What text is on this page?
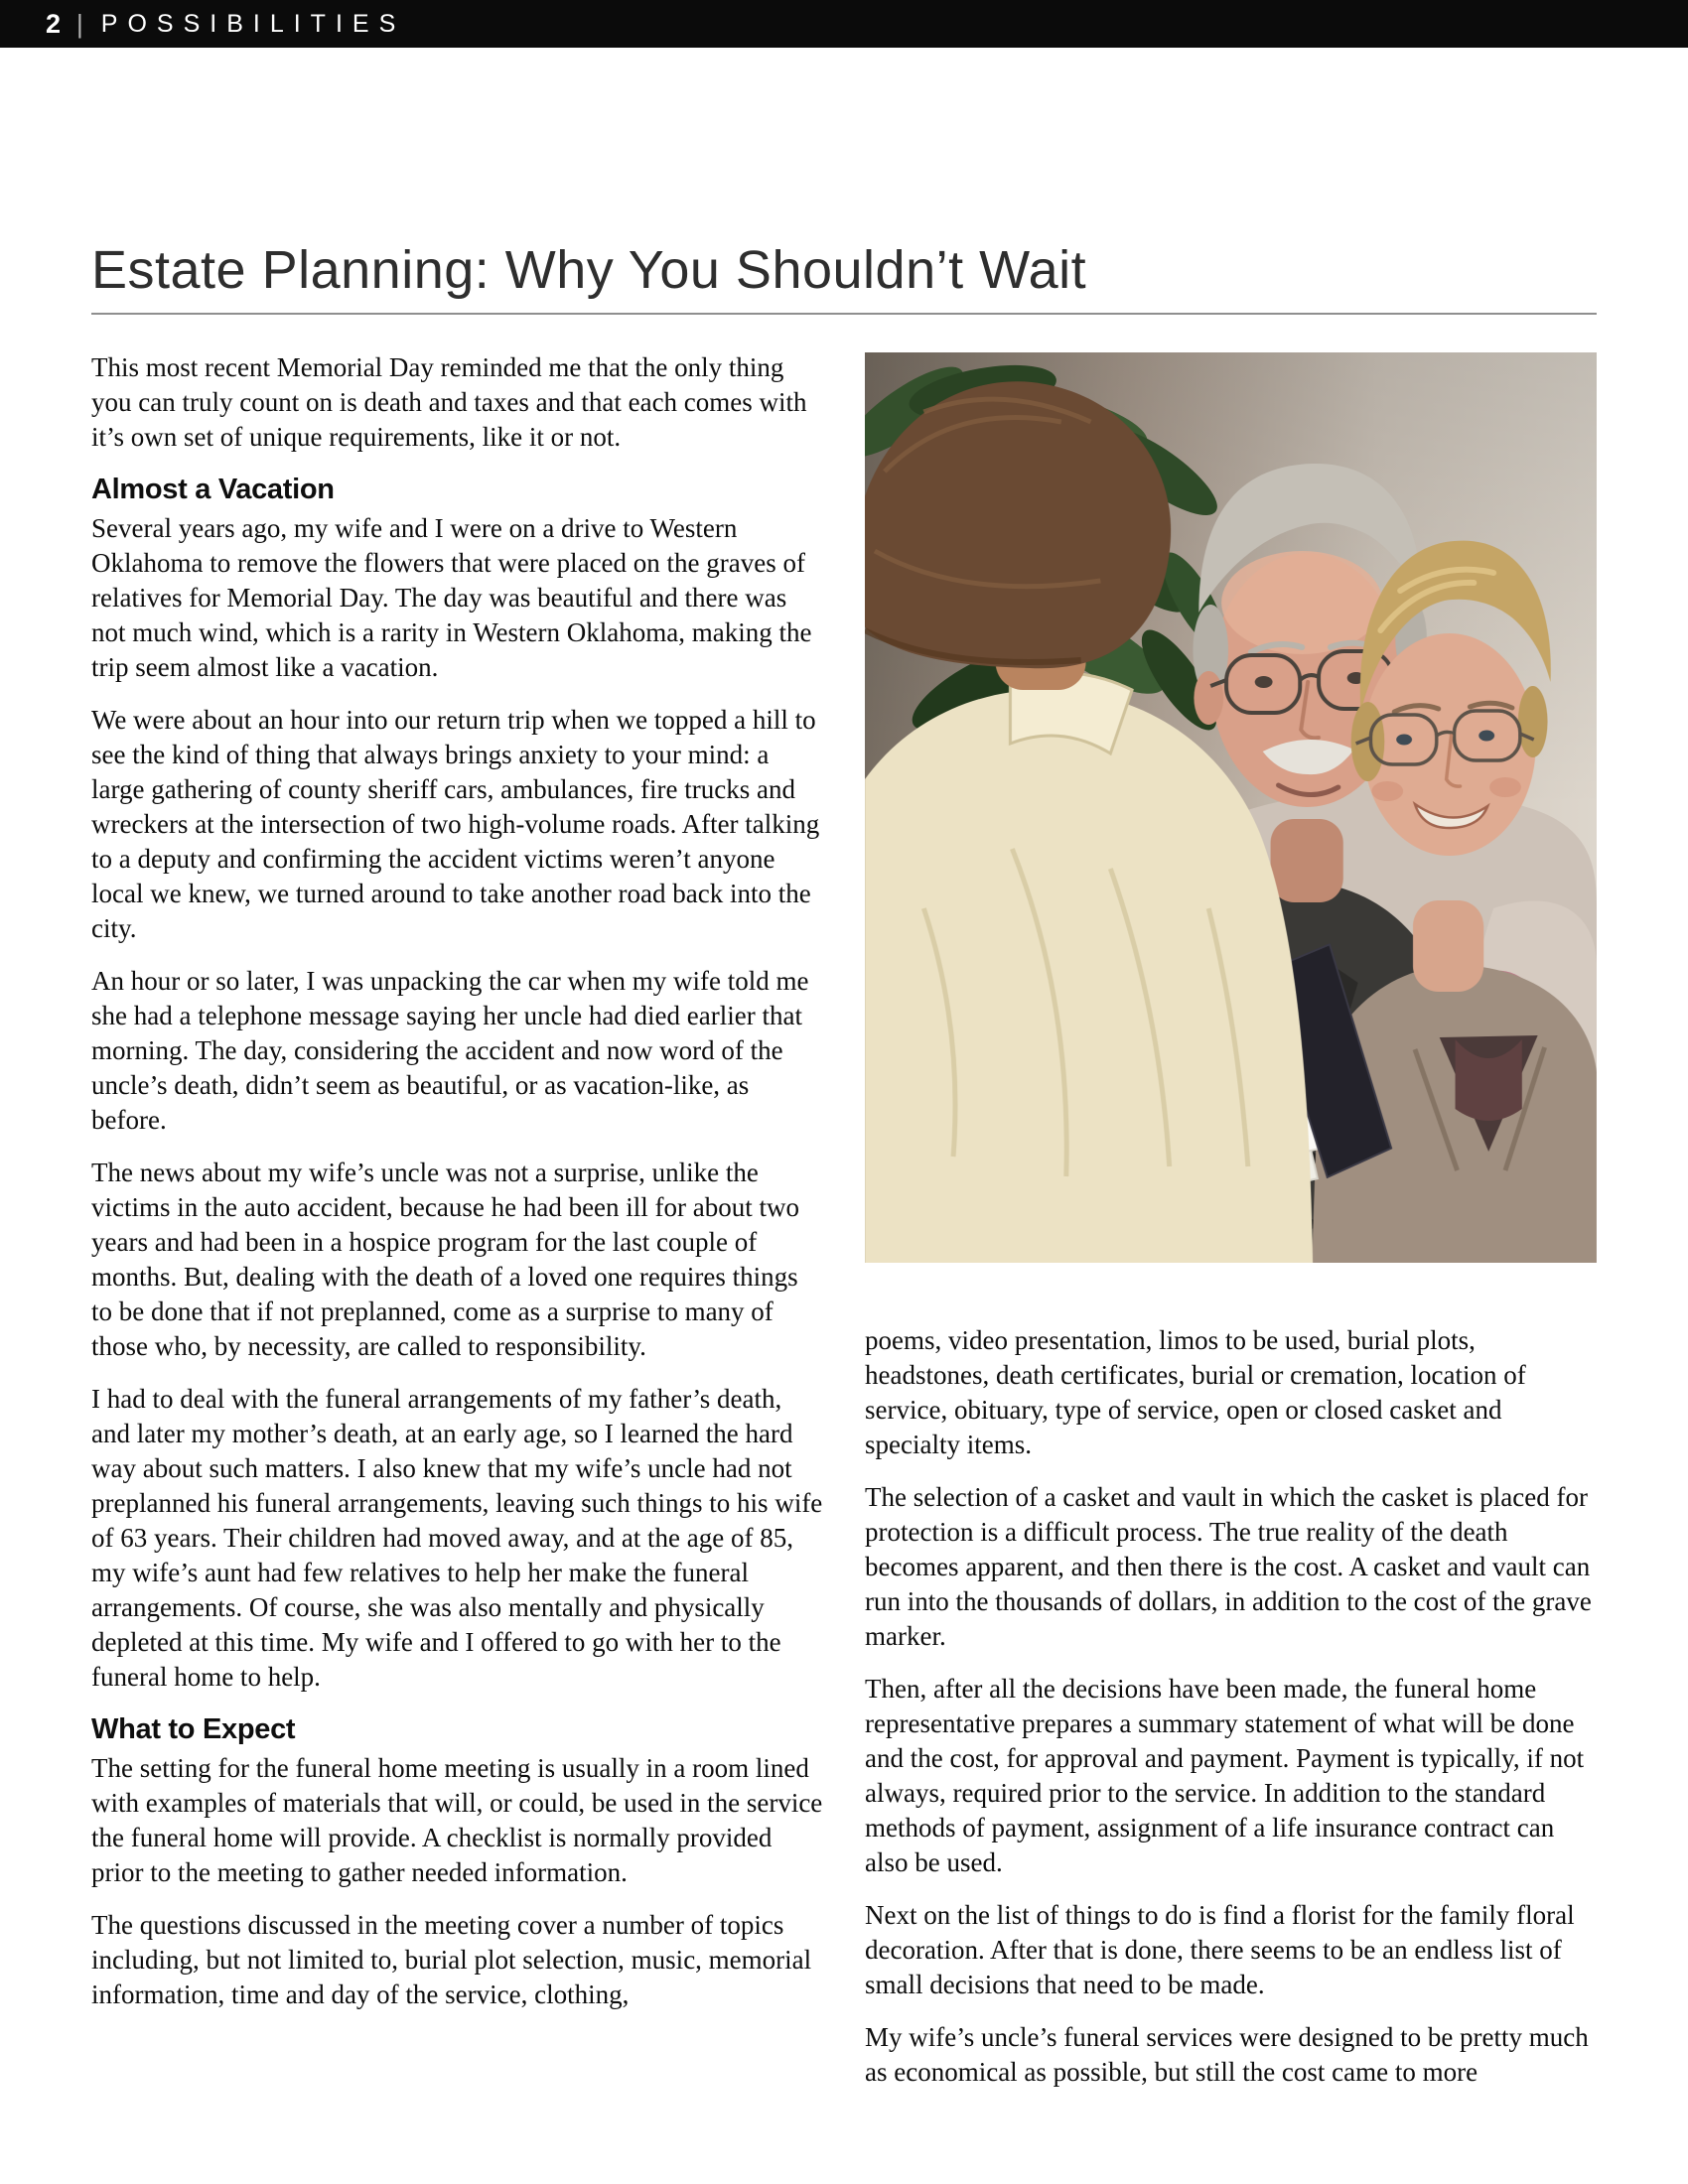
2 | POSSIBILITIES
Estate Planning: Why You Shouldn’t Wait

This most recent Memorial Day reminded me that the only thing you can truly count on is death and taxes and that each comes with it’s own set of unique requirements, like it or not.

Almost a Vacation

Several years ago, my wife and I were on a drive to Western Oklahoma to remove the flowers that were placed on the graves of relatives for Memorial Day. The day was beautiful and there was not much wind, which is a rarity in Western Oklahoma, making the trip seem almost like a vacation.

We were about an hour into our return trip when we topped a hill to see the kind of thing that always brings anxiety to your mind: a large gathering of county sheriff cars, ambulances, fire trucks and wreckers at the intersection of two high-volume roads. After talking to a deputy and confirming the accident victims weren’t anyone local we knew, we turned around to take another road back into the city.

An hour or so later, I was unpacking the car when my wife told me she had a telephone message saying her uncle had died earlier that morning. The day, considering the accident and now word of the uncle’s death, didn’t seem as beautiful, or as vacation-like, as before.

The news about my wife’s uncle was not a surprise, unlike the victims in the auto accident, because he had been ill for about two years and had been in a hospice program for the last couple of months. But, dealing with the death of a loved one requires things to be done that if not preplanned, come as a surprise to many of those who, by necessity, are called to responsibility.

I had to deal with the funeral arrangements of my father’s death, and later my mother’s death, at an early age, so I learned the hard way about such matters. I also knew that my wife’s uncle had not preplanned his funeral arrangements, leaving such things to his wife of 63 years. Their children had moved away, and at the age of 85, my wife’s aunt had few relatives to help her make the funeral arrangements. Of course, she was also mentally and physically depleted at this time. My wife and I offered to go with her to the funeral home to help.

What to Expect

The setting for the funeral home meeting is usually in a room lined with examples of materials that will, or could, be used in the service the funeral home will provide. A checklist is normally provided prior to the meeting to gather needed information.

The questions discussed in the meeting cover a number of topics including, but not limited to, burial plot selection, music, memorial information, time and day of the service, clothing,

poems, video presentation, limos to be used, burial plots, headstones, death certificates, burial or cremation, location of service, obituary, type of service, open or closed casket and specialty items.

The selection of a casket and vault in which the casket is placed for protection is a difficult process. The true reality of the death becomes apparent, and then there is the cost. A casket and vault can run into the thousands of dollars, in addition to the cost of the grave marker.

Then, after all the decisions have been made, the funeral home representative prepares a summary statement of what will be done and the cost, for approval and payment. Payment is typically, if not always, required prior to the service. In addition to the standard methods of payment, assignment of a life insurance contract can also be used.

Next on the list of things to do is find a florist for the family floral decoration. After that is done, there seems to be an endless list of small decisions that need to be made.

My wife’s uncle’s funeral services were designed to be pretty much as economical as possible, but still the cost came to more
